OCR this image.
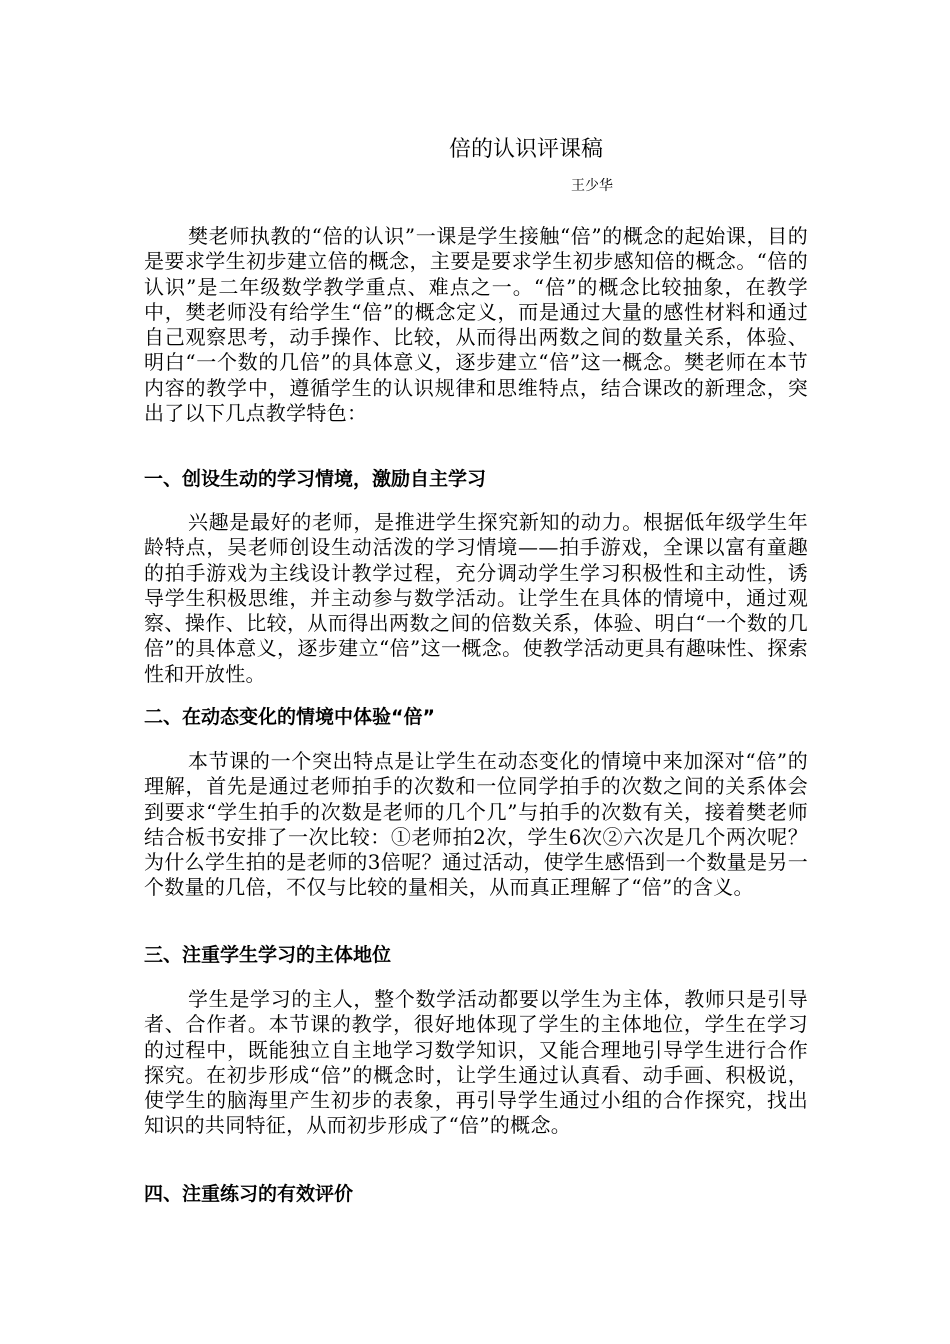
倍的认识评课稿

王少华

樊老师执教的“倍的认识”一课是学生接触“倍”的概念的起始课，目的是要求学生初步建立倍的概念，主要是要求学生初步感知倍的概念。“倍的认识”是二年级数学教学重点、难点之一。“倍”的概念比较抽象，在教学中，樊老师没有给学生“倍”的概念定义，而是通过大量的感性材料和通过自己观察思考，动手操作、比较，从而得出两数之间的数量关系，体验、明白“一个数的几倍”的具体意义，逐步建立“倍”这一概念。樊老师在本节内容的教学中，遵循学生的认识规律和思维特点，结合课改的新理念，突出了以下几点教学特色：

一、创设生动的学习情境，激励自主学习

兴趣是最好的老师，是推进学生探究新知的动力。根据低年级学生年龄特点，吴老师创设生动活泼的学习情境——拍手游戏，全课以富有童趣的拍手游戏为主线设计教学过程，充分调动学生学习积极性和主动性，诱导学生积极思维，并主动参与数学活动。让学生在具体的情境中，通过观察、操作、比较，从而得出两数之间的倍数关系，体验、明白“一个数的几倍”的具体意义，逐步建立“倍”这一概念。使教学活动更具有趣味性、探索性和开放性。

二、在动态变化的情境中体验“倍”

本节课的一个突出特点是让学生在动态变化的情境中来加深对“倍”的理解，首先是通过老师拍手的次数和一位同学拍手的次数之间的关系体会到要求“学生拍手的次数是老师的几个几”与拍手的次数有关，接着樊老师结合板书安排了一次比较：①老师拍2次，学生6次②六次是几个两次呢？为什么学生拍的是老师的3倍呢？通过活动，使学生感悟到一个数量是另一个数量的几倍，不仅与比较的量相关，从而真正理解了“倍”的含义。

三、注重学生学习的主体地位

学生是学习的主人，整个数学活动都要以学生为主体，教师只是引导者、合作者。本节课的教学，很好地体现了学生的主体地位，学生在学习的过程中，既能独立自主地学习数学知识，又能合理地引导学生进行合作探究。在初步形成“倍”的概念时，让学生通过认真看、动手画、积极说，使学生的脑海里产生初步的表象，再引导学生通过小组的合作探究，找出知识的共同特征，从而初步形成了“倍”的概念。

四、注重练习的有效评价
